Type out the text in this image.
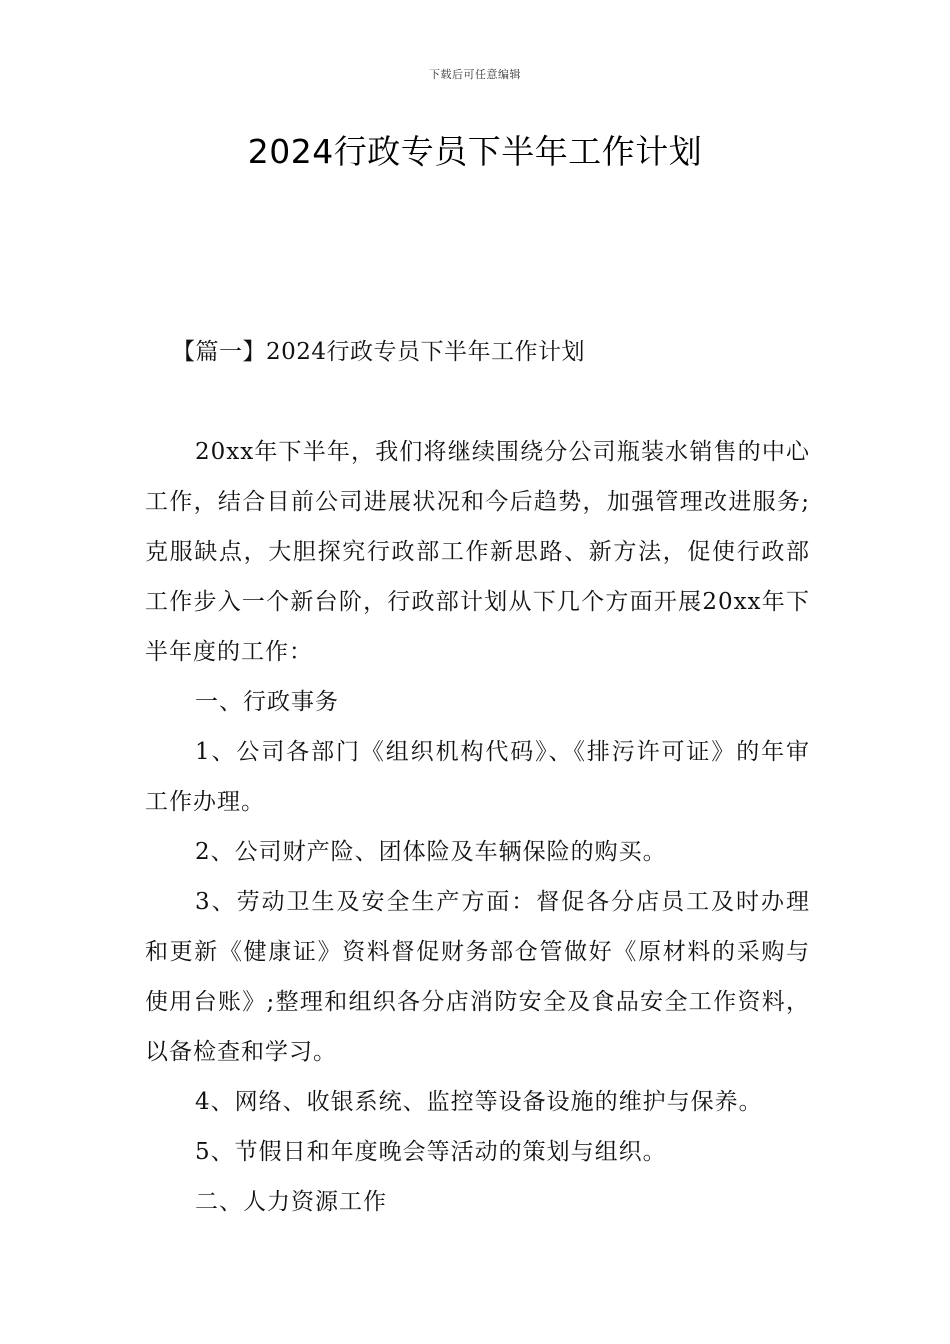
下载后可任意编辑
2024行政专员下半年工作计划
【篇一】2024行政专员下半年工作计划

20xx年下半年，我们将继续围绕分公司瓶装水销售的中心工作，结合目前公司进展状况和今后趋势，加强管理改进服务;克服缺点，大胆探究行政部工作新思路、新方法，促使行政部工作步入一个新台阶，行政部计划从下几个方面开展20xx年下半年度的工作：

一、行政事务

1、公司各部门《组织机构代码》、《排污许可证》的年审工作办理。

2、公司财产险、团体险及车辆保险的购买。

3、劳动卫生及安全生产方面：督促各分店员工及时办理和更新《健康证》资料督促财务部仓管做好《原材料的采购与使用台账》;整理和组织各分店消防安全及食品安全工作资料，以备检查和学习。

4、网络、收银系统、监控等设备设施的维护与保养。

5、节假日和年度晚会等活动的策划与组织。

二、人力资源工作
